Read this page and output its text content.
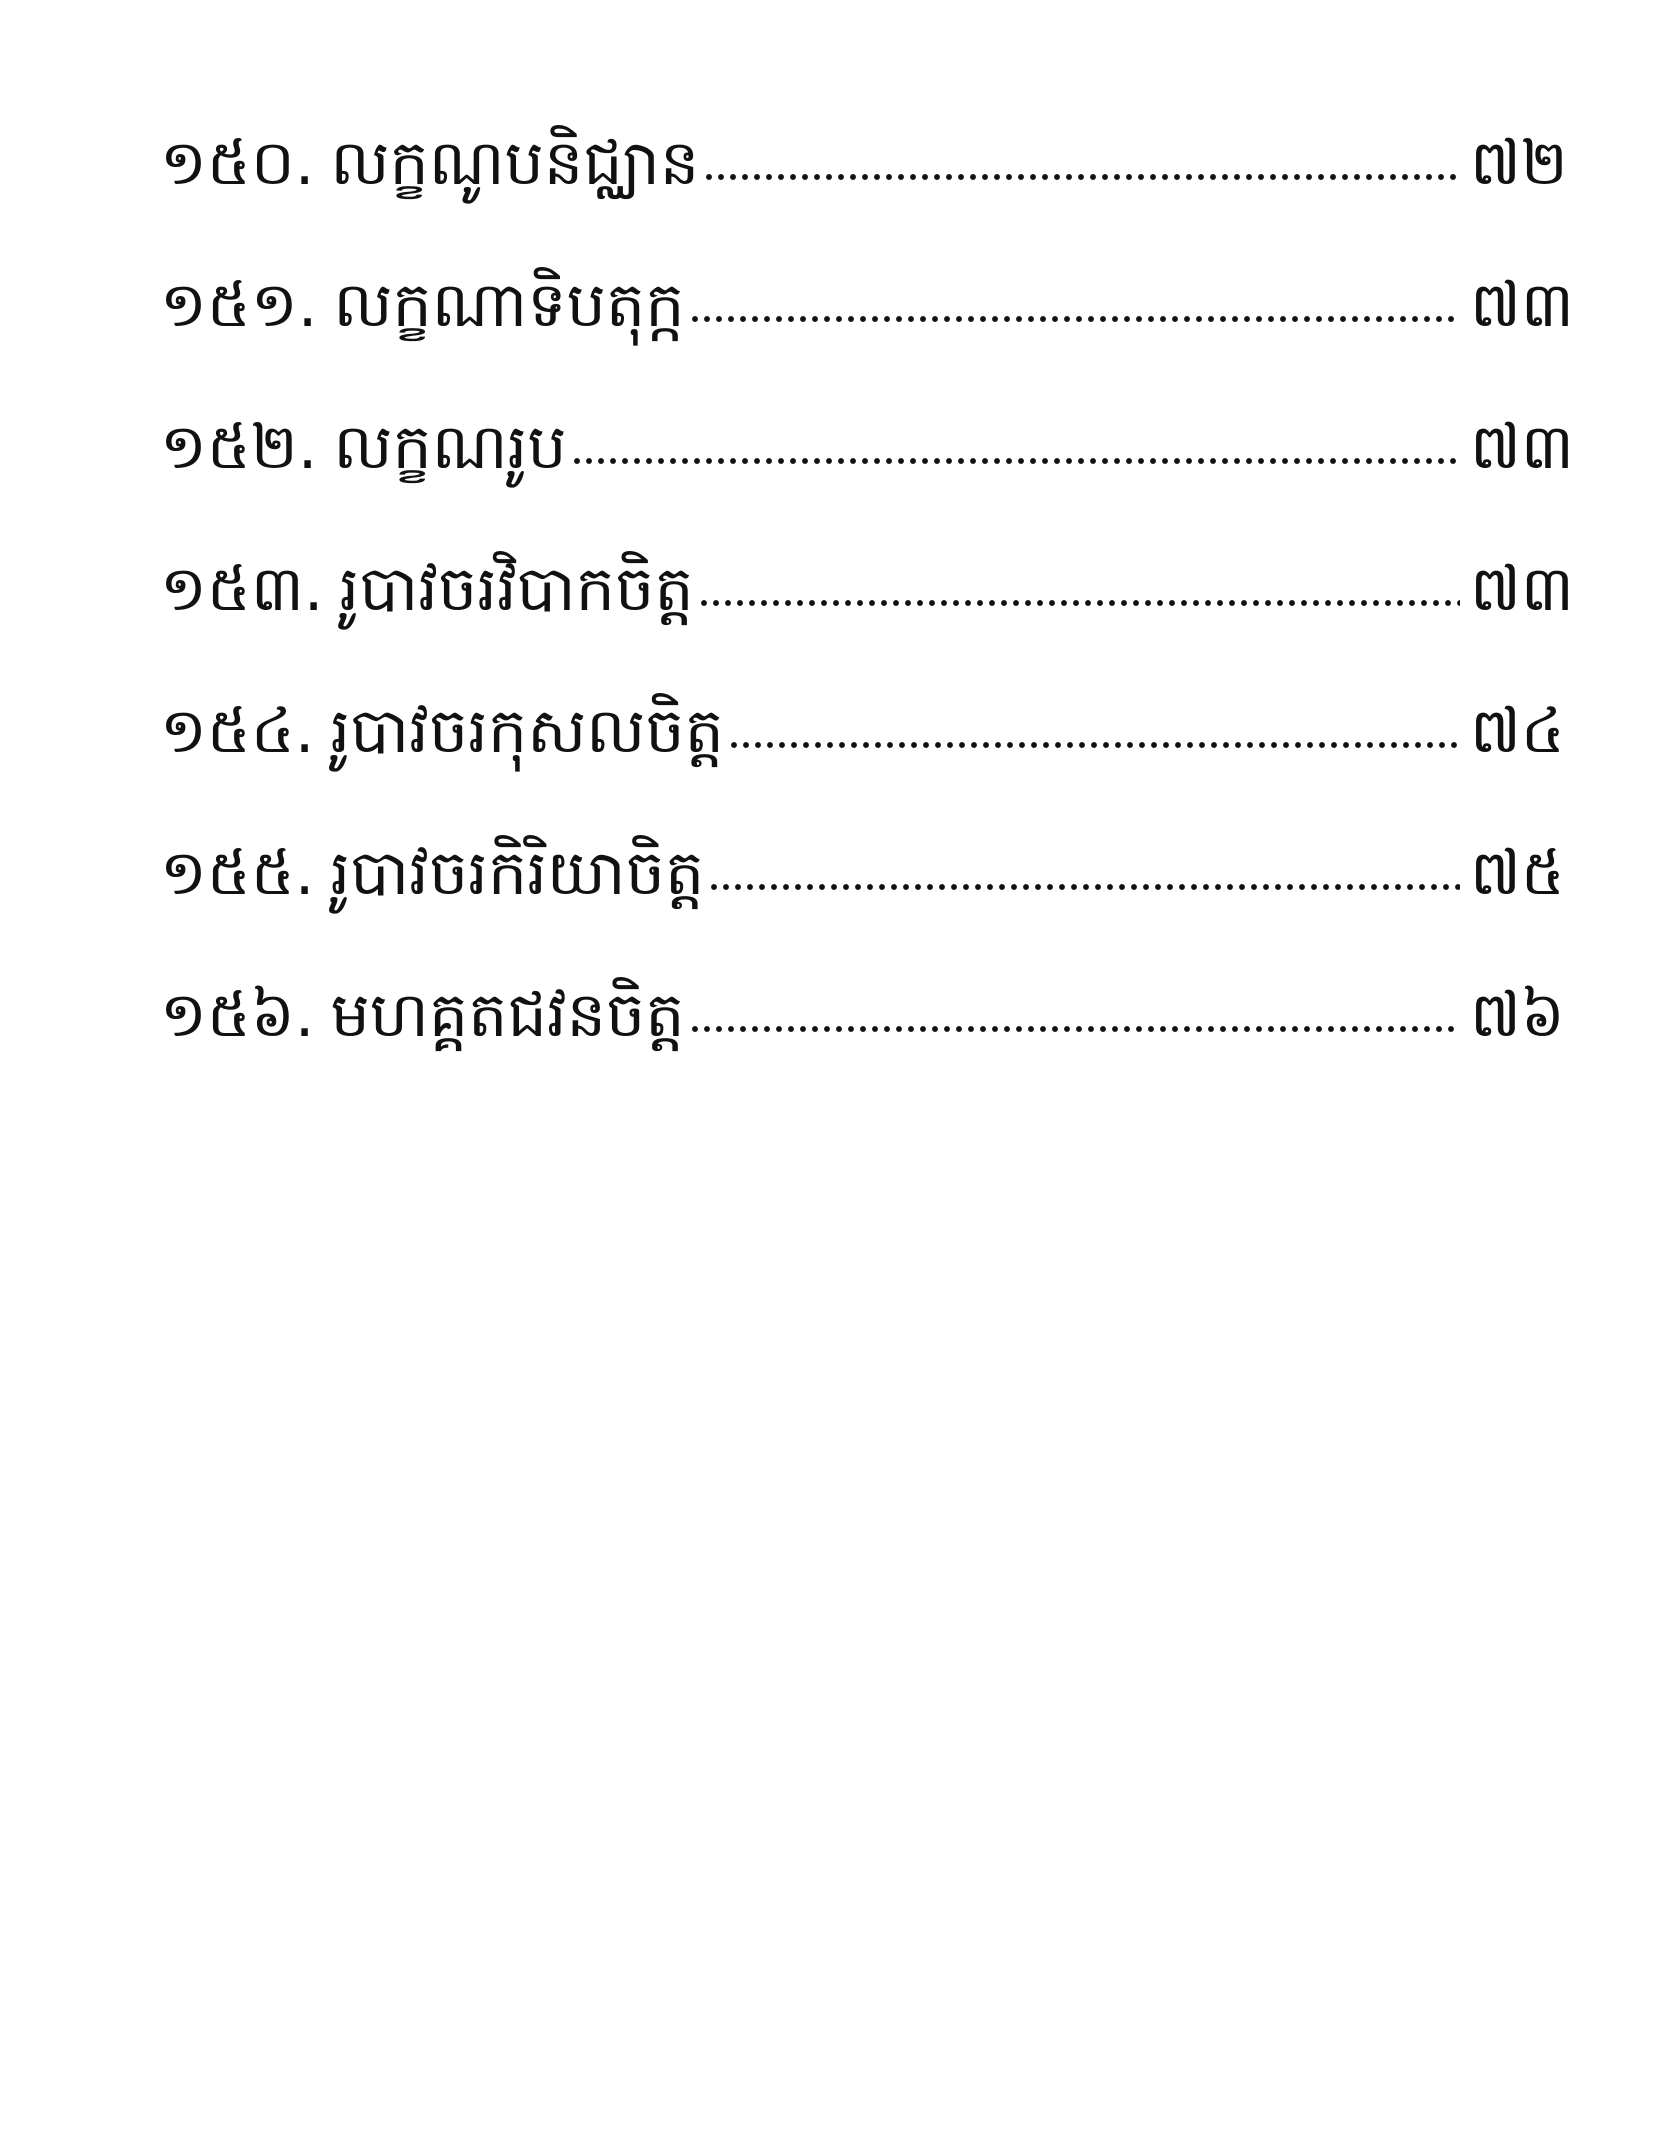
១៥០. លក្ខណូបនិជ្ឈាន	៧២
១៥១. លក្ខណាទិបតុក្ក	៧៣
១៥២. លក្ខណរូប	៧៣
១៥៣. រូបាវចរវិបាកចិត្ត	៧៣
១៥៤. រូបាវចរកុសលចិត្ត	៧៤
១៥៥. រូបាវចរកិរិយាចិត្ត	៧៥
១៥៦. មហគ្គតជវនចិត្ត	៧៦
